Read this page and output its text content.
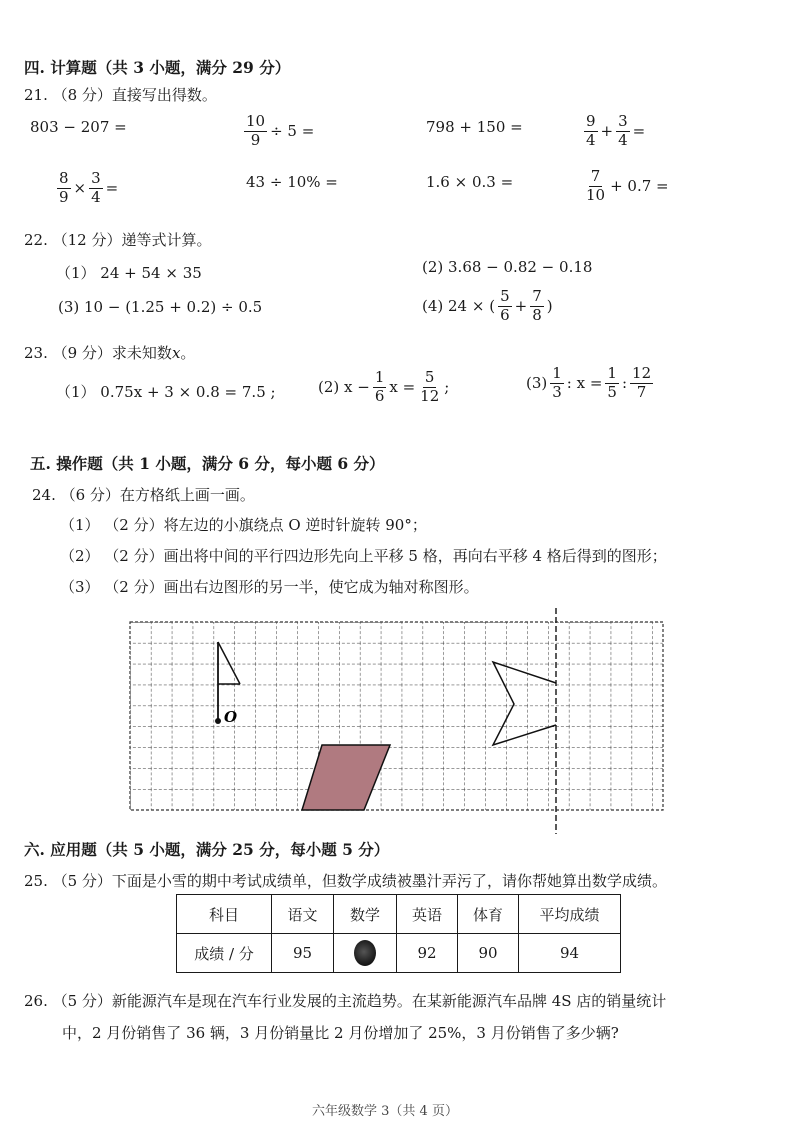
四. 计算题（共 3 小题，满分 29 分）
21. （8 分）直接写出得数。
803 − 207 =	$\frac{10}{9} \div 5$ =	798 + 150 =	$\frac{9}{4} + \frac{3}{4}$ =
$\frac{8}{9} \times \frac{3}{4}$ =	43 ÷ 10% =	1.6 × 0.3 =	$\frac{7}{10} + 0.7$ =
22. （12 分）递等式计算。
（1） 24 + 54 × 35	(2) 3.68 − 0.82 − 0.18
(3) 10 − (1.25 + 0.2) ÷ 0.5	(4) 24 × ( $\frac{5}{6} + \frac{7}{8}$ )
23. （9 分）求未知数x。
（1） 0.75x + 3 × 0.8 = 7.5 ;	(2) $x - \frac{1}{6}$ $x = \frac{5}{12}$ ;	$(3) \frac{1}{3}$ : $x = \frac{1}{5}$ : $\frac{12}{7}$
五. 操作题（共 1 小题，满分 6 分，每小题 6 分）
24. （6 分）在方格纸上画一画。
（1） （2 分）将左边的小旗绕点 O 逆时针旋转 90°；
（2） （2 分）画出将中间的平行四边形先向上平移 5 格，再向右平移 4 格后得到的图形；
（3） （2 分）画出右边图形的另一半，使它成为轴对称图形。
O
六. 应用题（共 5 小题，满分 25 分，每小题 5 分）
25. （5 分）下面是小雪的期中考试成绩单，但数学成绩被墨汁弄污了，请你帮她算出数学成绩。
科目	语文	数学	英语	体育	平均成绩
成绩 / 分	95		92	90	94
26. （5 分）新能源汽车是现在汽车行业发展的主流趋势。在某新能源汽车品牌 4S 店的销量统计
中，2 月份销售了 36 辆，3 月份销量比 2 月份增加了 25%，3 月份销售了多少辆?
六年级数学 3（共 4 页）
